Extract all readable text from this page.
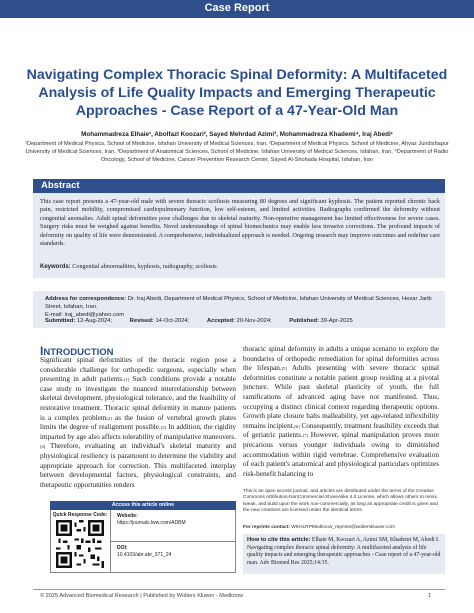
Case Report
Navigating Complex Thoracic Spinal Deformity: A Multifaceted Analysis of Life Quality Impacts and Emerging Therapeutic Approaches - Case Report of a 47-Year-Old Man
Mohammadreza Elhaie¹, Abolfazl Koozari², Sayed Mehrdad Azimi³, Mohammadreza Khademi⁴, Iraj Abedi¹
¹Department of Medical Physics, School of Medicine, Isfahan University of Medical Sciences, Iran, ²Department of Medical Physics, School of Medicine, Ahvaz Jundishapur University of Medical Sciences, Iran, ³Department of Anatomical Sciences, School of Medicine, Isfahan University of Medical Sciences, Isfahan, Iran, ⁴Department of Radio Oncology, School of Medicine, Cancer Prevention Research Center, Sayed Al-Shohada Hospital, Isfahan, Iran
Abstract
This case report presents a 47-year-old male with severe thoracic scoliosis measuring 80 degrees and significant kyphosis. The patient reported chronic back pain, restricted mobility, compromised cardiopulmonary function, low self-esteem, and limited activities. Radiographs confirmed the deformity without congenital anomalies. Adult spinal deformities pose challenges due to skeletal maturity. Non-operative management has limited effectiveness for severe cases. Surgery risks must be weighed against benefits. Novel understandings of spinal biomechanics may enable less invasive corrections. The profound impacts of deformity on quality of life were demonstrated. A comprehensive, individualized approach is needed. Ongoing research may improve outcomes and redefine care standards.
Keywords: Congenital abnormalities, kyphosis, radiography, scoliosis
Address for correspondence: Dr. Iraj Abedi, Department of Medical Physics, School of Medicine, Isfahan University of Medical Sciences, Hezar Jarib Street, Isfahan, Iran.
E-mail: iraj_abedi@yahoo.com
Submitted: 12-Aug-2024;	Revised: 14-Oct-2024;	Accepted: 20-Nov-2024;	Published: 30-Apr-2025
INTRODUCTION
Significant spinal deformities of the thoracic region pose a considerable challenge for orthopedic surgeons, especially when presenting in adult patients.[1] Such conditions provide a notable case study to investigate the nuanced interrelationship between skeletal development, physiological tolerance, and the feasibility of restorative treatment. Thoracic spinal deformity in mature patients is a complex problem[2] as the fusion of vertebral growth plates limits the degree of realignment possible.[3] In addition, the rigidity imparted by age also affects tolerability of manipulative maneuvers.[4] Therefore, evaluating an individual's skeletal maturity and physiological resiliency is paramount to determine the viability and appropriate approach for correction. This multifaceted interplay between developmental factors, physiological constraints, and therapeutic opportunities renders
thoracic spinal deformity in adults a unique scenario to explore the boundaries of orthopedic remediation for spinal deformities across the lifespan.[5] Adults presenting with severe thoracic spinal deformities constitute a notable patient group residing at a pivotal juncture. While past skeletal plasticity of youth, the full ramifications of advanced aging have not manifested. Thus, occupying a distinct clinical context regarding therapeutic options. Growth plate closure halts malleability, yet age-related inflexibility remains incipient.[6] Consequently, treatment feasibility exceeds that of geriatric patients.[7] However, spinal manipulation proves more precarious versus younger individuals owing to diminished accommodation within rigid vertebrae. Comprehensive evaluation of each patient's anatomical and physiological particulars optimizes risk-benefit balancing to
Access this article online
Quick Response Code: Website:
https://journals.lww.com/ADBM
DOI:
10.4103/abr.abr_371_24
This is an open access journal, and articles are distributed under the terms of the Creative Commons Attribution-NonCommercial-ShareAlike 4.0 License, which allows others to remix, tweak, and build upon the work non-commercially, as long as appropriate credit is given and the new creations are licensed under the identical terms.
For reprints contact: WKHLRPMedknow_reprints@wolterskluwer.com
How to cite this article: Elhaie M, Koozari A, Azimi SM, Khademi M, Abedi I. Navigating complex thoracic spinal deformity: A multifaceted analysis of life quality impacts and emerging therapeutic approaches - Case report of a 47-year-old man. Adv Biomed Res 2025;14:35.
© 2025 Advanced Biomedical Research | Published by Wolters Kluwer - Medknow	1
